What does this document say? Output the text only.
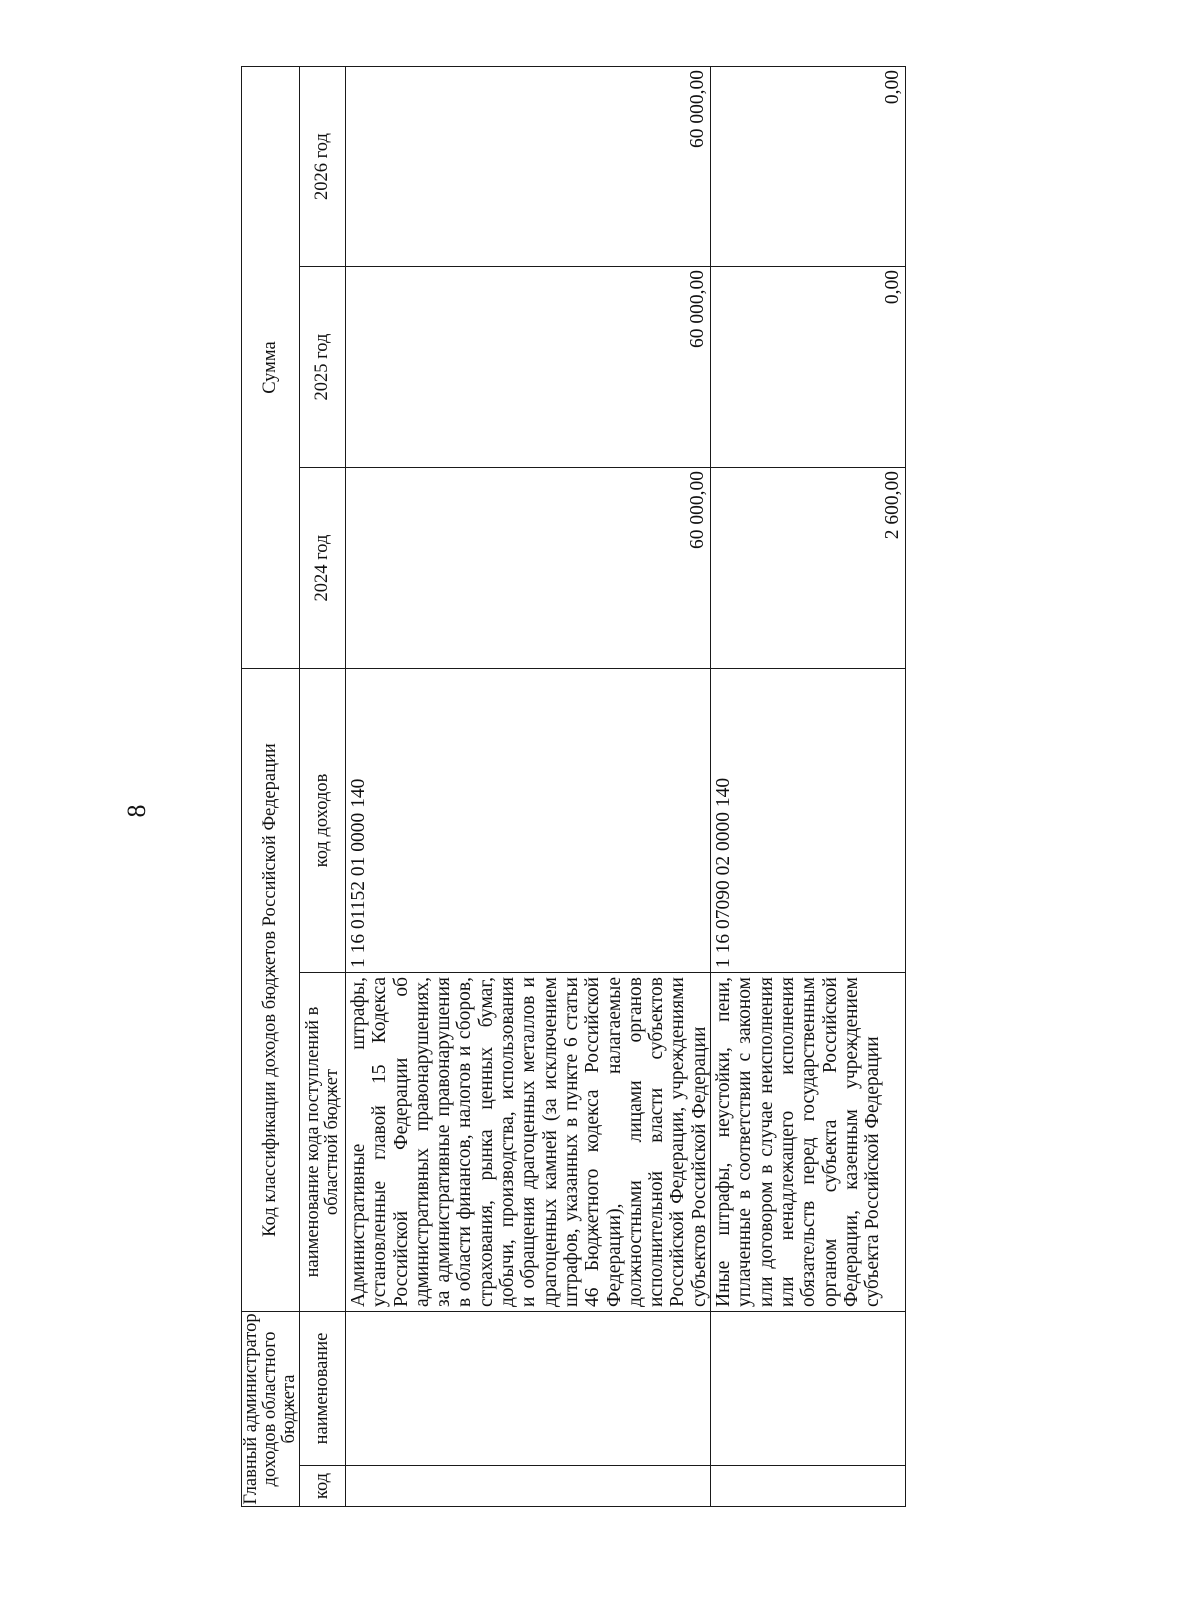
8
Главный администратор доходов областного бюджета		Код классификации доходов бюджетов Российской Федерации		Сумма		
код	наименование	наименование кода поступлений в областной бюджет	код доходов	2024 год	2025 год	2026 год
		Административные штрафы, установленные главой 15 Кодекса Российской Федерации об административных правонарушениях, за административные правонарушения в области финансов, налогов и сборов, страхования, рынка ценных бумаг, добычи, производства, использования и обращения драгоценных металлов и драгоценных камней (за исключением штрафов, указанных в пункте 6 статьи 46 Бюджетного кодекса Российской Федерации), налагаемые должностными лицами органов исполнительной власти субъектов Российской Федерации, учреждениями субъектов Российской Федерации	1 16 01152 01 0000 140	60 000,00	60 000,00	60 000,00
		Иные штрафы, неустойки, пени, уплаченные в соответствии с законом или договором в случае неисполнения или ненадлежащего исполнения обязательств перед государственным органом субъекта Российской Федерации, казенным учреждением субъекта Российской Федерации	1 16 07090 02 0000 140	2 600,00	0,00	0,00
